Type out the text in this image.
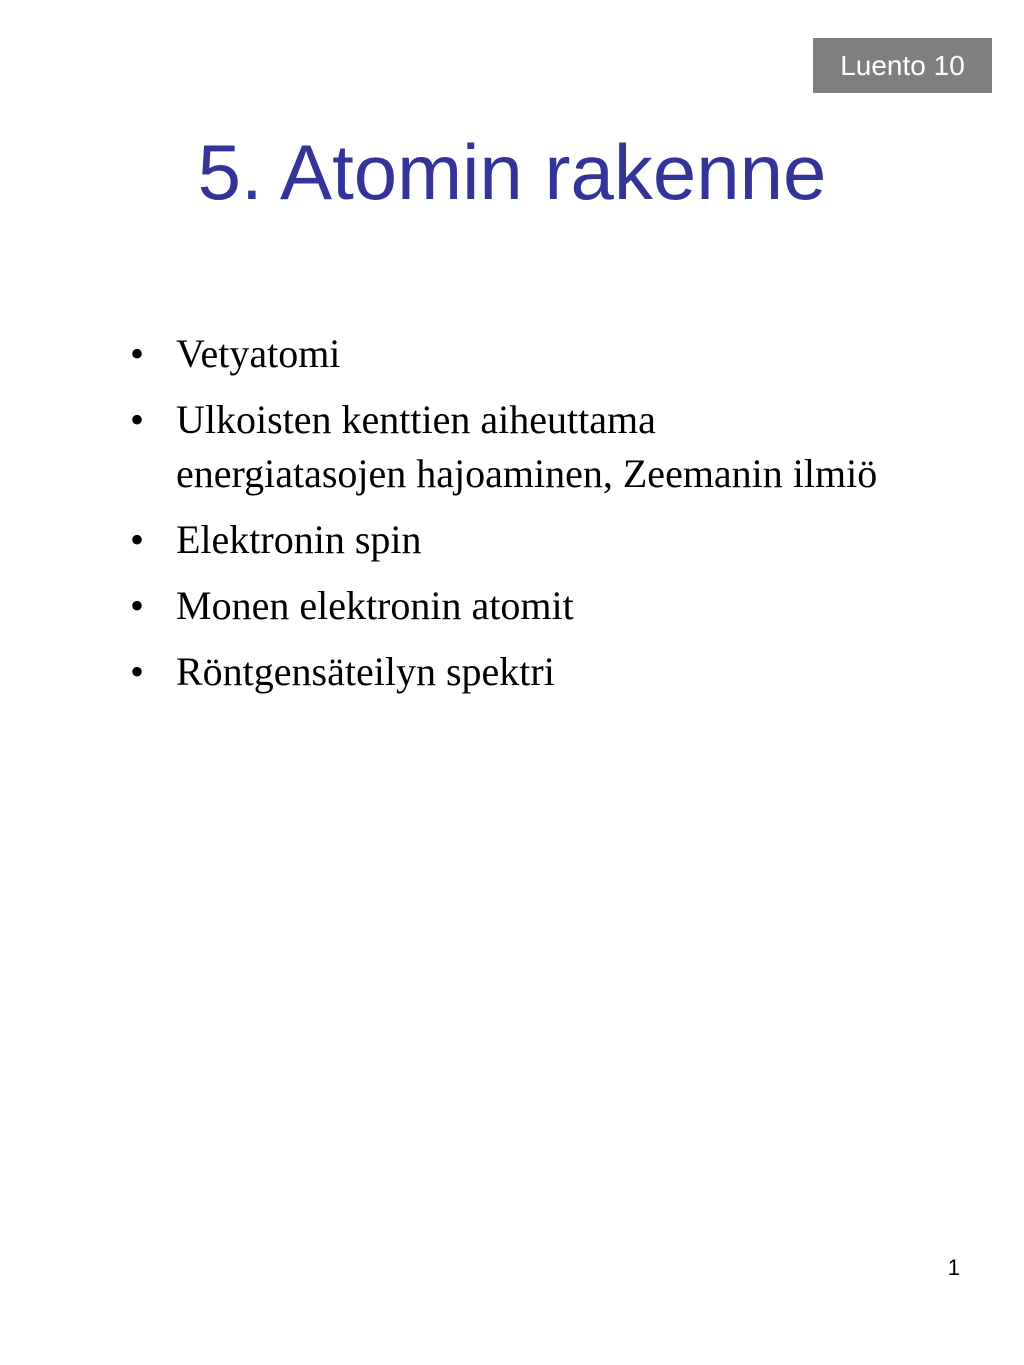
Luento 10
5. Atomin rakenne
• Vetyatomi
• Ulkoisten kenttien aiheuttama energiatasojen hajoaminen, Zeemanin ilmiö
• Elektronin spin
• Monen elektronin atomit
• Röntgensäteilyn spektri
1
